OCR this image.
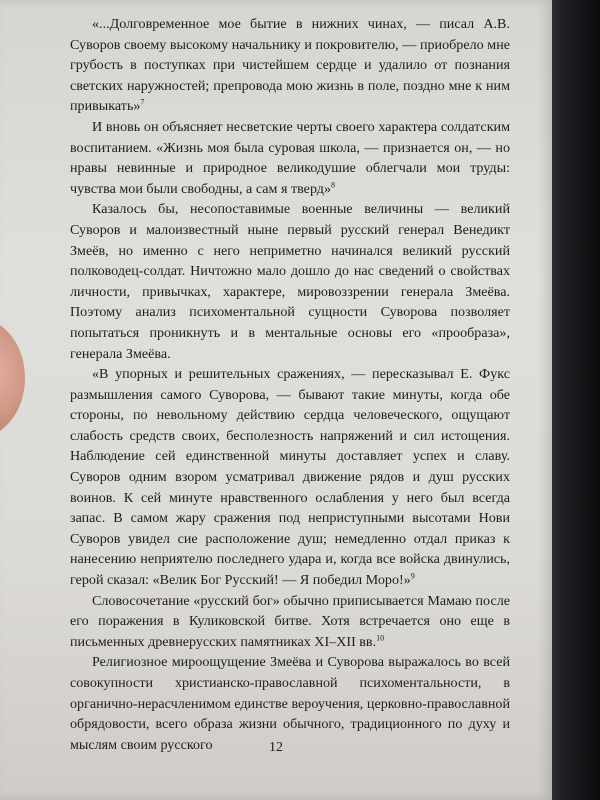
«...Долговременное мое бытие в нижних чинах, — писал А.В. Суворов своему высокому начальнику и покровителю, — приобрело мне грубость в поступках при чистейшем сердце и удалило от познания светских наружностей; препровода мою жизнь в поле, поздно мне к ним привыкать»$^7$

И вновь он объясняет несветские черты своего характера солдатским воспитанием. «Жизнь моя была суровая школа, — признается он, — но нравы невинные и природное великодушие облегчали мои труды: чувства мои были свободны, а сам я тверд»$^8$

Казалось бы, несопоставимые военные величины — великий Суворов и малоизвестный ныне первый русский генерал Венедикт Змеёв, но именно с него неприметно начинался великий русский полководец-солдат. Ничтожно мало дошло до нас сведений о свойствах личности, привычках, характере, мировоззрении генерала Змеёва. Поэтому анализ психоментальной сущности Суворова позволяет попытаться проникнуть и в ментальные основы его «прообраза», генерала Змеёва.

«В упорных и решительных сражениях, — пересказывал Е. Фукс размышления самого Суворова, — бывают такие минуты, когда обе стороны, по невольному действию сердца человеческого, ощущают слабость средств своих, бесполезность напряжений и сил истощения. Наблюдение сей единственной минуты доставляет успех и славу. Суворов одним взором усматривал движение рядов и душ русских воинов. К сей минуте нравственного ослабления у него был всегда запас. В самом жару сражения под неприступными высотами Нови Суворов увидел сие расположение душ; немедленно отдал приказ к нанесению неприятелю последнего удара и, когда все войска двинулись, герой сказал: «Велик Бог Русский! — Я победил Моро!»$^9$

Словосочетание «русский бог» обычно приписывается Мамаю после его поражения в Куликовской битве. Хотя встречается оно еще в письменных древнерусских памятниках XI–XII вв.$^{10}$

Религиозное мироощущение Змеёва и Суворова выражалось во всей совокупности христианско-православной психоментальности, в органично-нерасчленимом единстве вероучения, церковно-православной обрядовости, всего образа жизни обычного, традиционного по духу и мыслям своим русского	12
